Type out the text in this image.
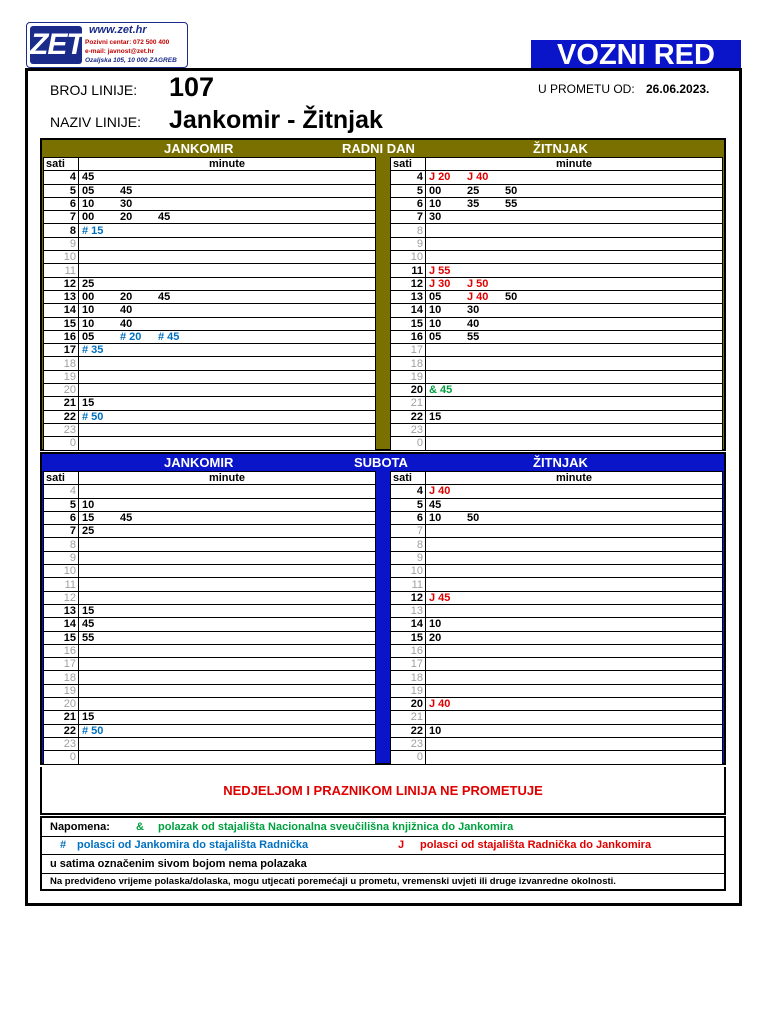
ZET www.zet.hr
Pozivni centar: 072 500 400
e-mail: javnost@zet.hr
Ozaljska 105, 10 000 ZAGREB	VOZNI RED
BROJ LINIJE: 107	U PROMETU OD: 26.06.2023.
NAZIV LINIJE: Jankomir - Žitnjak
JANKOMIR	RADNI DAN	ŽITNJAK
sati	minute
4	45
5	05 45
6	10 30
7	00 20 45
8	# 15
9	
10	
11	
12	25
13	00 20 45
14	10 40
15	10 40
16	05 # 20 # 45
17	# 35
18	
19	
20	
21	15
22	# 50
23	
0	
sati	minute
4	J 20 J 40
5	00 25 50
6	10 35 55
7	30
8	
9	
10	
11	J 55
12	J 30 J 50
13	05 J 40 50
14	10 30
15	10 40
16	05 55
17	
18	
19	
20	& 45
21	
22	15
23	
0	
JANKOMIR	SUBOTA	ŽITNJAK
sati	minute
4	
5	10
6	15 45
7	25
8	
9	
10	
11	
12	
13	15
14	45
15	55
16	
17	
18	
19	
20	
21	15
22	# 50
23	
0	
sati	minute
4	J 40
5	45
6	10 50
7	
8	
9	
10	
11	
12	J 45
13	
14	10
15	20
16	
17	
18	
19	
20	J 40
21	
22	10
23	
0	
NEDJELJOM I PRAZNIKOM LINIJA NE PROMETUJE
Napomena: & polazak od stajališta Nacionalna sveučilišna knjižnica do Jankomira
# polasci od Jankomira do stajališta Radnička	J polasci od stajališta Radnička do Jankomira
u satima označenim sivom bojom nema polazaka
Na predviđeno vrijeme polaska/dolaska, mogu utjecati poremećaji u prometu, vremenski uvjeti ili druge izvanredne okolnosti.
